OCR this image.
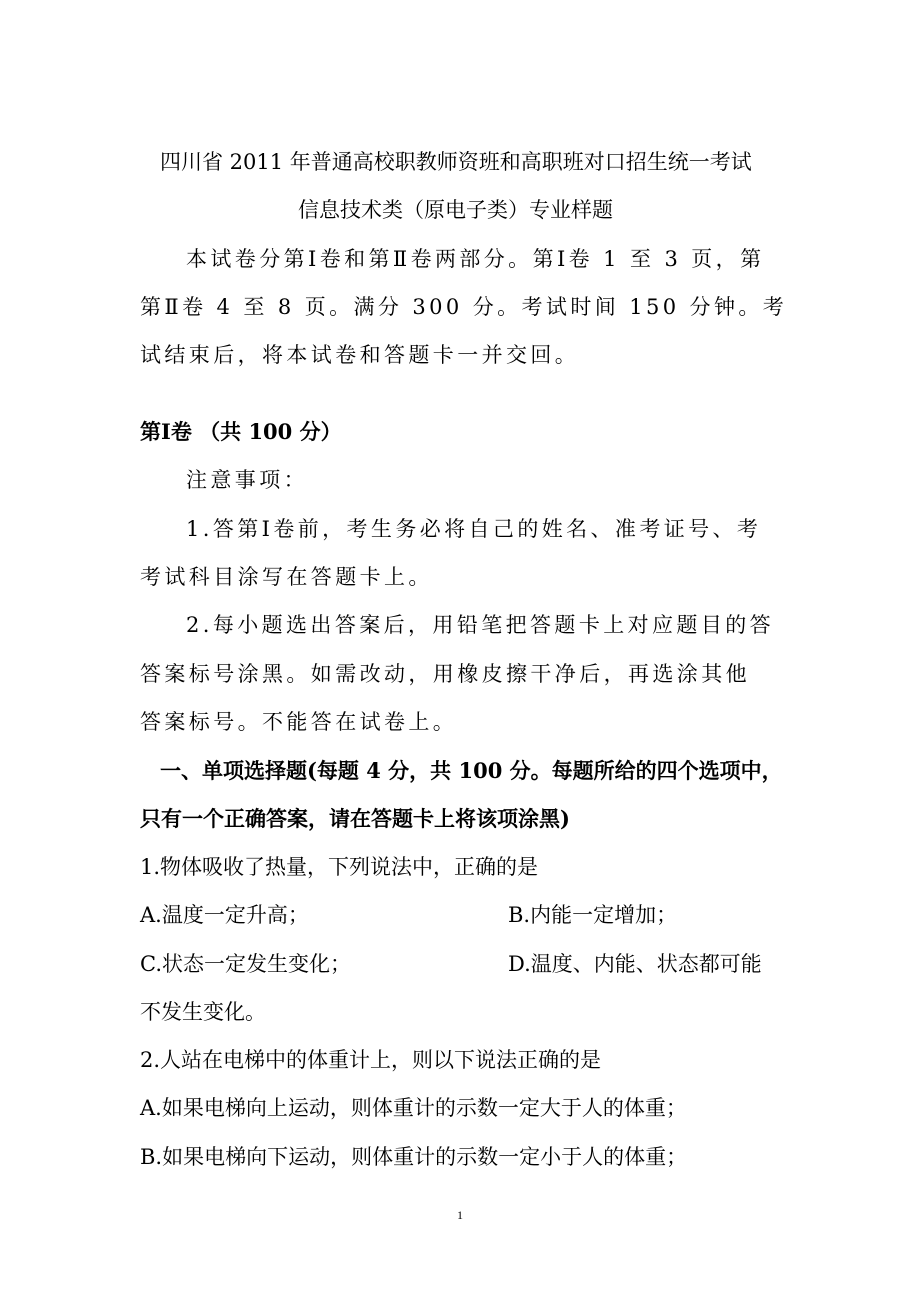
四川省 2011 年普通高校职教师资班和高职班对口招生统一考试
信息技术类（原电子类）专业样题
本试卷分第Ⅰ卷和第Ⅱ卷两部分。第Ⅰ卷 1 至 3 页，第
第Ⅱ卷 4 至 8 页。满分 300 分。考试时间 150 分钟。考
试结束后，将本试卷和答题卡一并交回。
第Ⅰ卷 （共 100 分）
注意事项：
1.答第Ⅰ卷前，考生务必将自己的姓名、准考证号、考
考试科目涂写在答题卡上。
2.每小题选出答案后，用铅笔把答题卡上对应题目的答
答案标号涂黑。如需改动，用橡皮擦干净后，再选涂其他
答案标号。不能答在试卷上。
一、单项选择题(每题 4 分，共 100 分。每题所给的四个选项中，
只有一个正确答案，请在答题卡上将该项涂黑)
1.物体吸收了热量，下列说法中，正确的是
A.温度一定升高；	B.内能一定增加；
C.状态一定发生变化；	D.温度、内能、状态都可能
不发生变化。
2.人站在电梯中的体重计上，则以下说法正确的是
A.如果电梯向上运动，则体重计的示数一定大于人的体重；
B.如果电梯向下运动，则体重计的示数一定小于人的体重；
1
